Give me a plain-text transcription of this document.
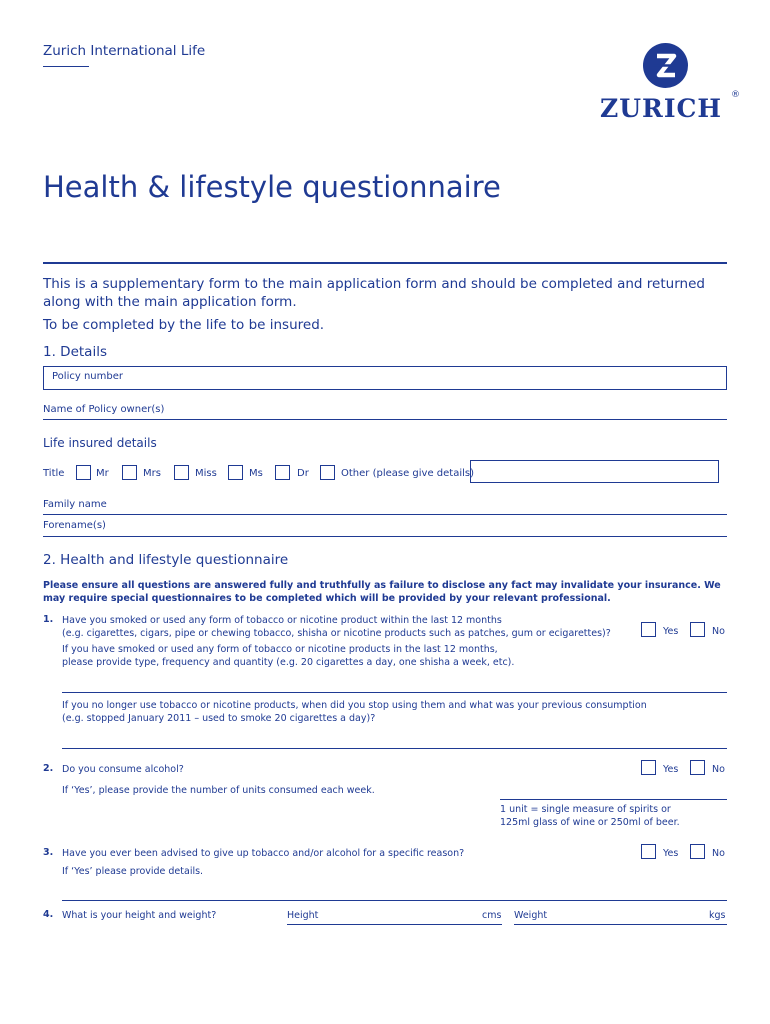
Zurich International Life
ZURICH ®
Health & lifestyle questionnaire
This is a supplementary form to the main application form and should be completed and returned along with the main application form.
To be completed by the life to be insured.
1. Details
Policy number
Name of Policy owner(s)
Life insured details
Title	Mr	Mrs	Miss	Ms	Dr	Other (please give details)
Family name
Forename(s)
2. Health and lifestyle questionnaire
Please ensure all questions are answered fully and truthfully as failure to disclose any fact may invalidate your insurance. We may require special questionnaires to be completed which will be provided by your relevant professional.
1. Have you smoked or used any form of tobacco or nicotine product within the last 12 months
(e.g. cigarettes, cigars, pipe or chewing tobacco, shisha or nicotine products such as patches, gum or ecigarettes)?	Yes	No
If you have smoked or used any form of tobacco or nicotine products in the last 12 months,
please provide type, frequency and quantity (e.g. 20 cigarettes a day, one shisha a week, etc).
If you no longer use tobacco or nicotine products, when did you stop using them and what was your previous consumption
(e.g. stopped January 2011 – used to smoke 20 cigarettes a day)?
2. Do you consume alcohol?	Yes	No
If ‘Yes’, please provide the number of units consumed each week.
1 unit = single measure of spirits or
125ml glass of wine or 250ml of beer.
3. Have you ever been advised to give up tobacco and/or alcohol for a specific reason?	Yes	No
If ‘Yes’ please provide details.
4. What is your height and weight?	Height	cms Weight	kgs
